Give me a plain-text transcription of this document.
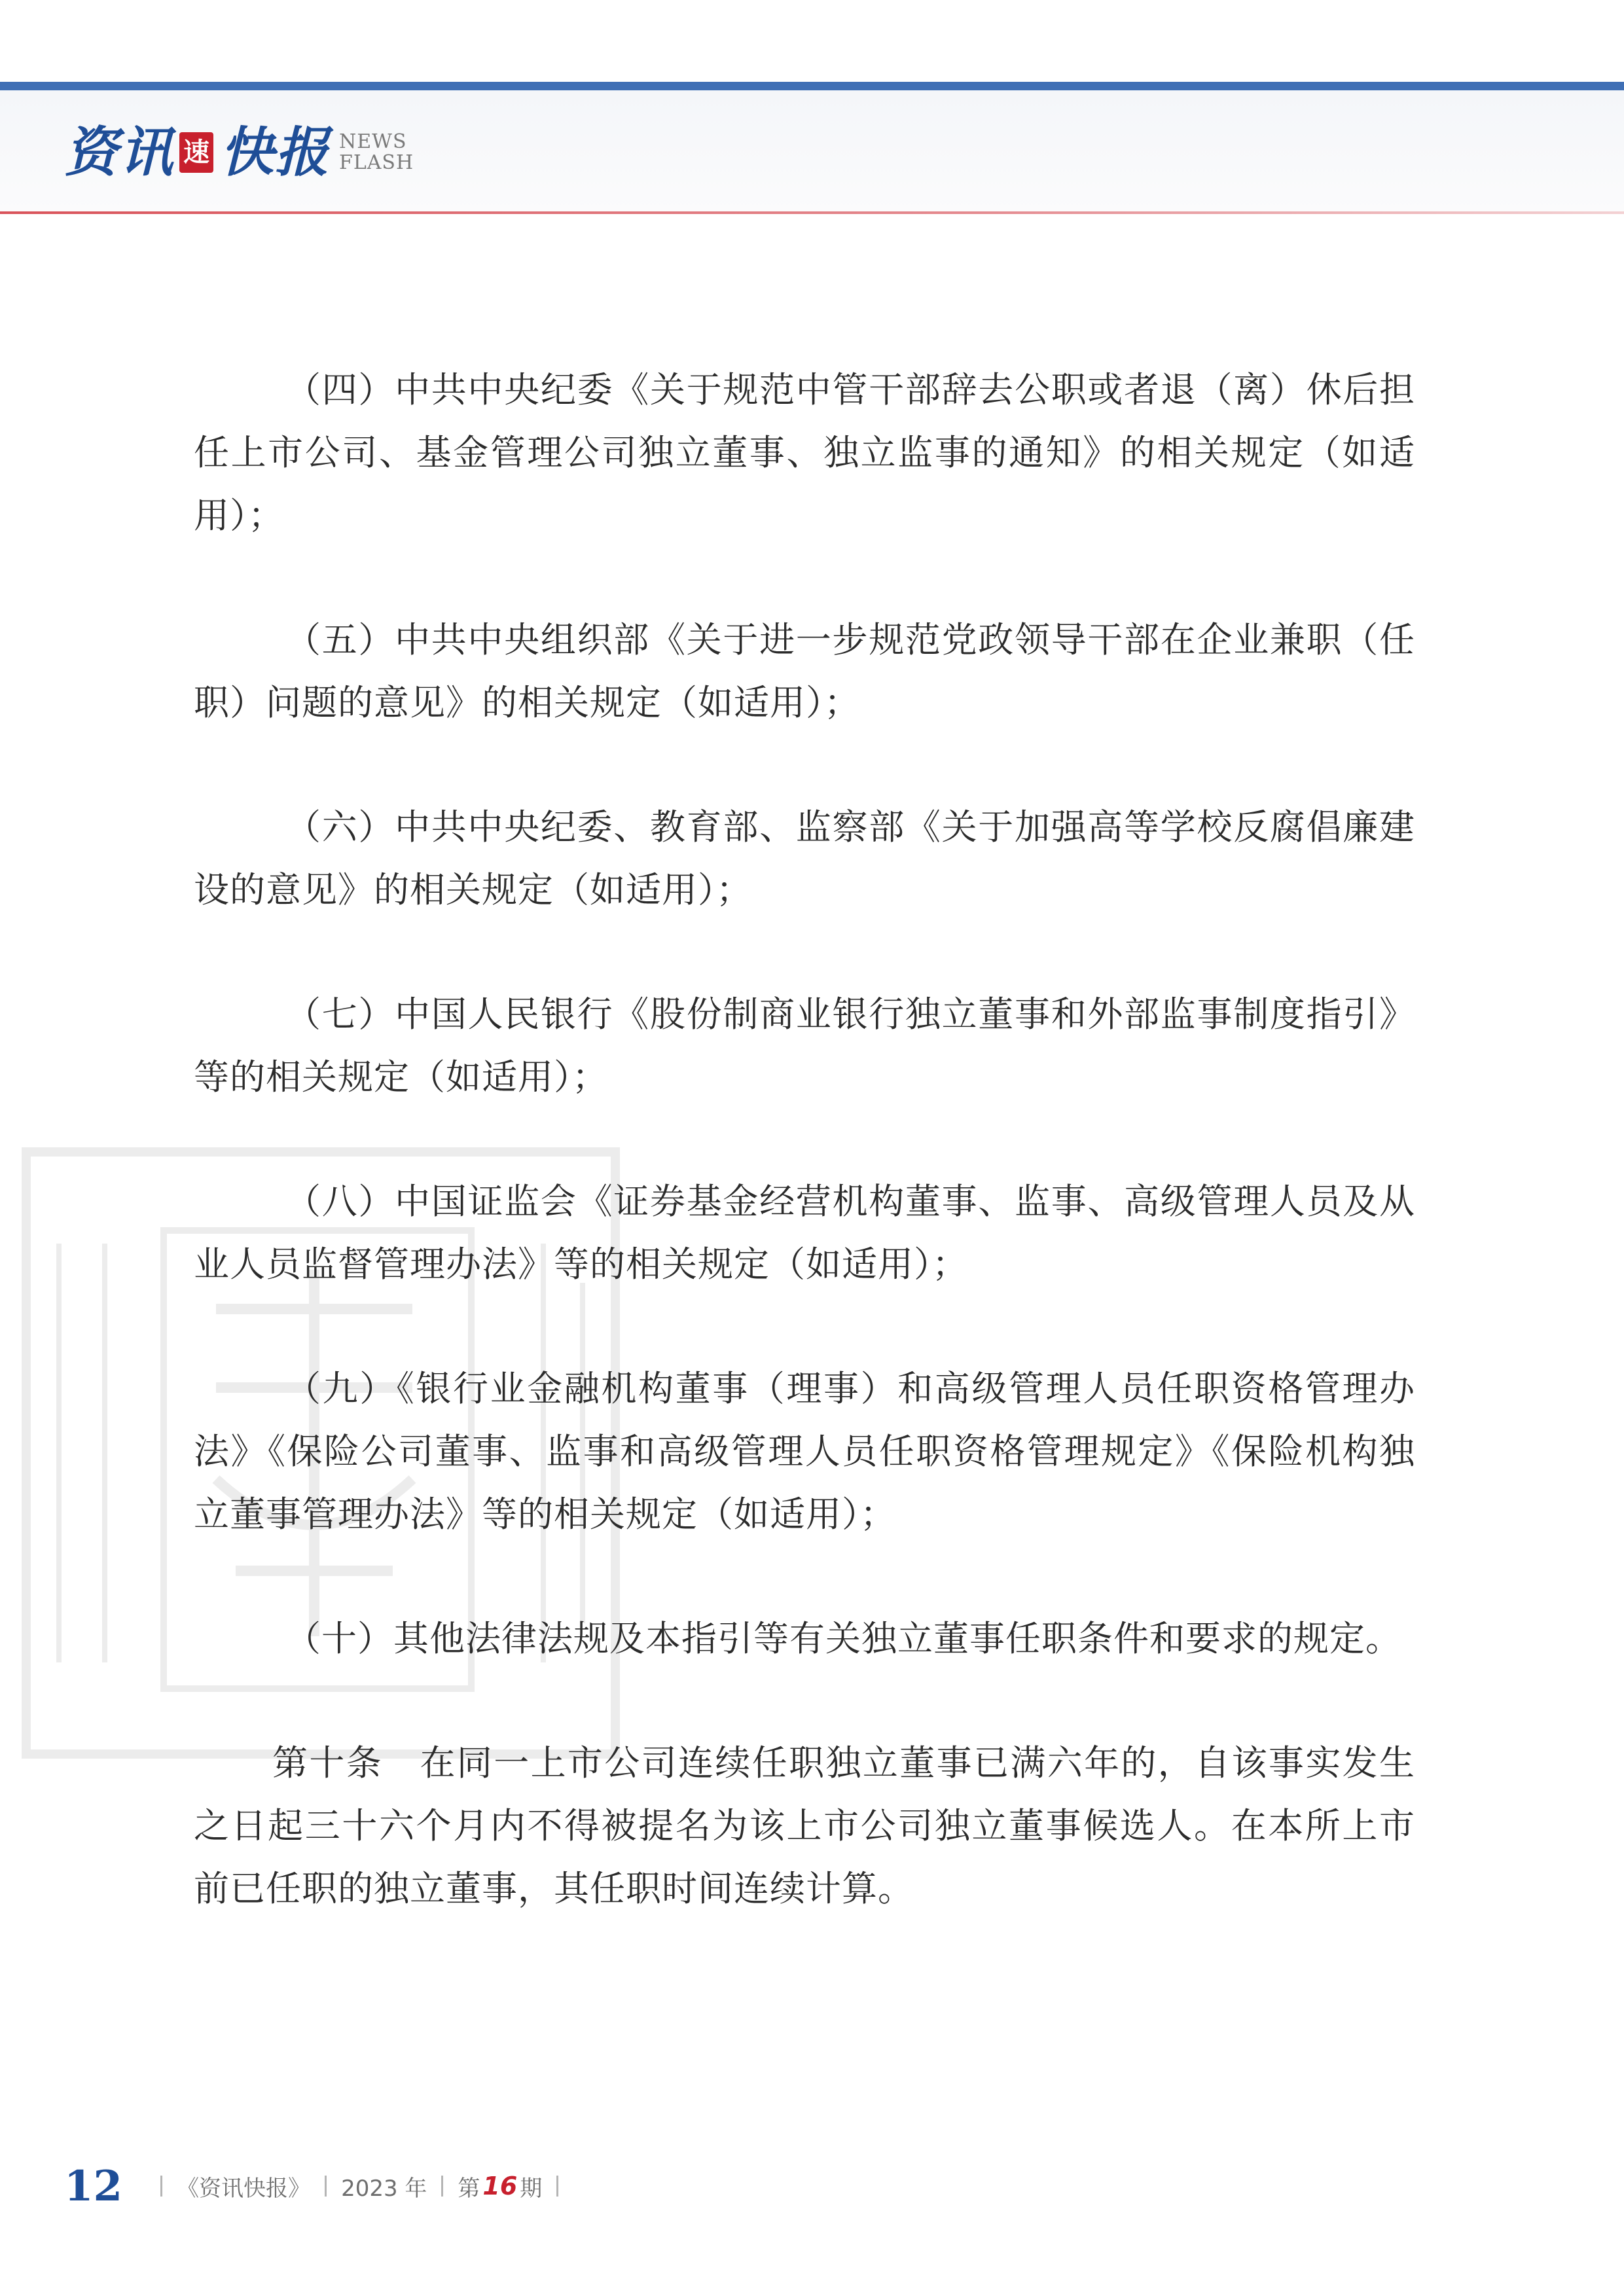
资讯 速 快报 NEWS
FLASH

（四）中共中央纪委《关于规范中管干部辞去公职或者退（离）休后担任上市公司、基金管理公司独立董事、独立监事的通知》的相关规定（如适用）；

（五）中共中央组织部《关于进一步规范党政领导干部在企业兼职（任职）问题的意见》的相关规定（如适用）；

（六）中共中央纪委、教育部、监察部《关于加强高等学校反腐倡廉建设的意见》的相关规定（如适用）；

（七）中国人民银行《股份制商业银行独立董事和外部监事制度指引》等的相关规定（如适用）；

（八）中国证监会《证券基金经营机构董事、监事、高级管理人员及从业人员监督管理办法》等的相关规定（如适用）；

（九）《银行业金融机构董事（理事）和高级管理人员任职资格管理办法》《保险公司董事、监事和高级管理人员任职资格管理规定》《保险机构独立董事管理办法》等的相关规定（如适用）；

（十）其他法律法规及本指引等有关独立董事任职条件和要求的规定。

第十条　在同一上市公司连续任职独立董事已满六年的，自该事实发生之日起三十六个月内不得被提名为该上市公司独立董事候选人。在本所上市前已任职的独立董事，其任职时间连续计算。

12 《资讯快报》 2023 年 第 16 期
